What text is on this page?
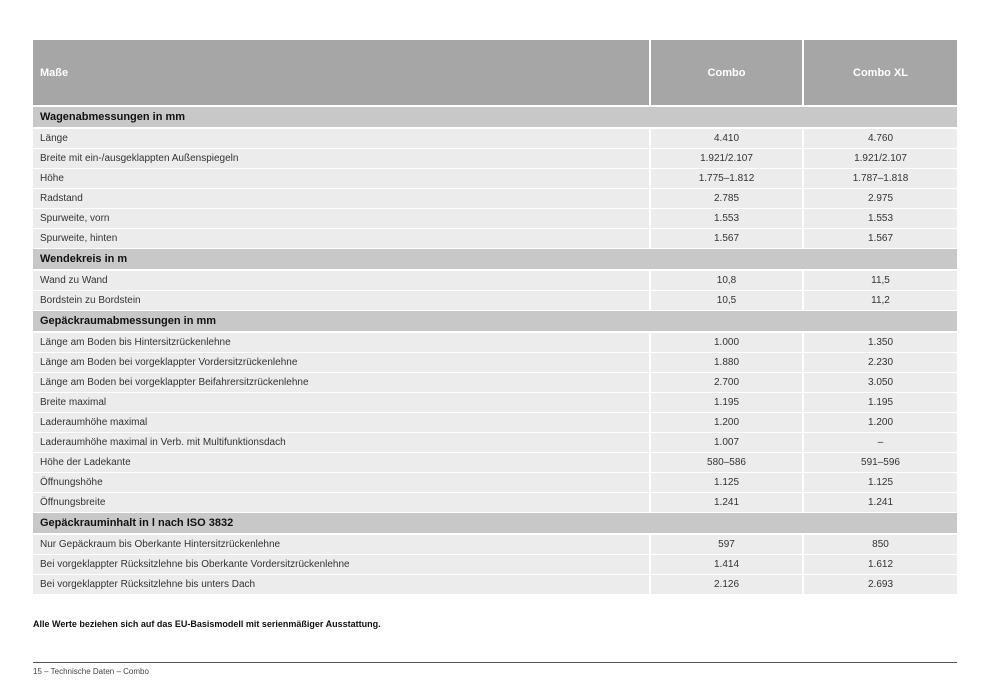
Maße	Combo	Combo XL
Wagenabmessungen in mm		
Länge	4.410	4.760
Breite mit ein-/ausgeklappten Außenspiegeln	1.921/2.107	1.921/2.107
Höhe	1.775–1.812	1.787–1.818
Radstand	2.785	2.975
Spurweite, vorn	1.553	1.553
Spurweite, hinten	1.567	1.567
Wendekreis in m		
Wand zu Wand	10,8	11,5
Bordstein zu Bordstein	10,5	11,2
Gepäckraumabmessungen in mm		
Länge am Boden bis Hintersitzrückenlehne	1.000	1.350
Länge am Boden bei vorgeklappter Vordersitzrückenlehne	1.880	2.230
Länge am Boden bei vorgeklappter Beifahrersitzrückenlehne	2.700	3.050
Breite maximal	1.195	1.195
Laderaumhöhe maximal	1.200	1.200
Laderaumhöhe maximal in Verb. mit Multifunktionsdach	1.007	–
Höhe der Ladekante	580–586	591–596
Öffnungshöhe	1.125	1.125
Öffnungsbreite	1.241	1.241
Gepäckrauminhalt in l nach ISO 3832		
Nur Gepäckraum bis Oberkante Hintersitzrückenlehne	597	850
Bei vorgeklappter Rücksitzlehne bis Oberkante Vordersitzrückenlehne	1.414	1.612
Bei vorgeklappter Rücksitzlehne bis unters Dach	2.126	2.693
Alle Werte beziehen sich auf das EU-Basismodell mit serienmäßiger Ausstattung.
15 – Technische Daten – Combo
